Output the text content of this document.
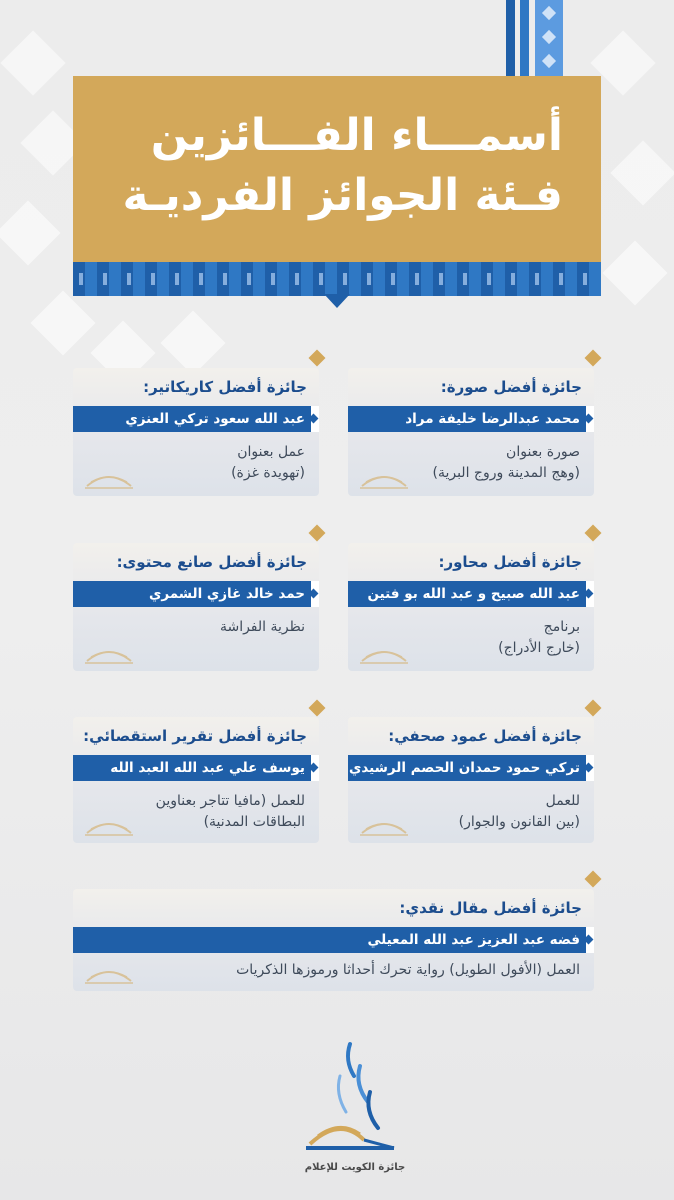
أسمـــاء الفـــائزين
فـئة الجوائز الفرديـة
جائزة أفضل صورة:
محمد عبدالرضا خليفة مراد
صورة بعنوان
(وهج المدينة وروج البرية)
جائزة أفضل كاريكاتير:
عبد الله سعود تركي العنزي
عمل بعنوان
(تهويدة غزة)
جائزة أفضل محاور:
عبد الله صبيح و عبد الله بو فتين
برنامج
(خارج الأدراج)
جائزة أفضل صانع محتوى:
حمد خالد غازي الشمري
نظرية الفراشة
جائزة أفضل عمود صحفي:
تركي حمود حمدان الحصم الرشيدي
للعمل
(بين القانون والجوار)
جائزة أفضل تقرير استقصائي:
يوسف علي عبد الله العبد الله
للعمل (مافيا تتاجر بعناوين
البطاقات المدنية)
جائزة أفضل مقال نقدي:
فضه عبد العزيز عبد الله المعيلي
العمل (الأفول الطويل) رواية تحرك أحداثا ورموزها الذكريات
جائزة الكويت للإعلام
